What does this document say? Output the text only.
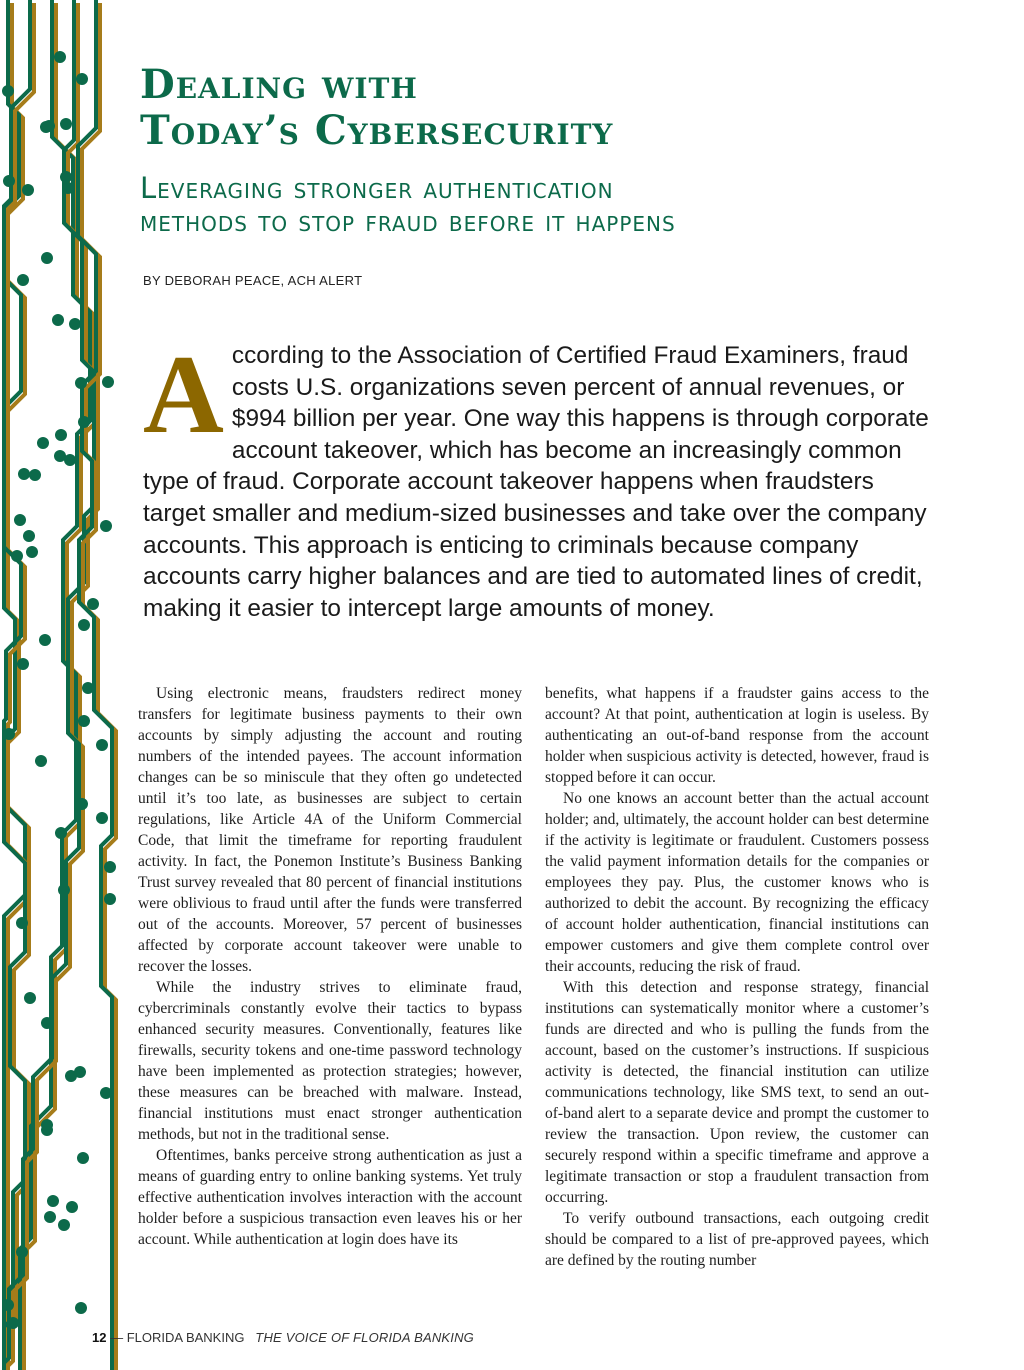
Dealing with
Today’s Cybersecurity
Leveraging stronger authentication
methods to stop fraud before it happens

BY DEBORAH PEACE, ACH ALERT

According to the Association of Certified Fraud Examiners, fraud costs U.S. organizations seven percent of annual revenues, or $994 billion per year. One way this happens is through corporate account takeover, which has become an increasingly common type of fraud. Corporate account takeover happens when fraudsters target smaller and medium-sized businesses and take over the company accounts. This approach is enticing to criminals because company accounts carry higher balances and are tied to automated lines of credit, making it easier to intercept large amounts of money.

Using electronic means, fraudsters redirect money transfers for legitimate business payments to their own accounts by simply adjusting the account and routing numbers of the intended payees. The account information changes can be so miniscule that they often go undetected until it’s too late, as businesses are subject to certain regulations, like Article 4A of the Uniform Commercial Code, that limit the timeframe for reporting fraudulent activity. In fact, the Ponemon Institute’s Business Banking Trust survey revealed that 80 percent of financial institutions were oblivious to fraud until after the funds were transferred out of the accounts. Moreover, 57 percent of businesses affected by corporate account takeover were unable to recover the losses.

While the industry strives to eliminate fraud, cybercriminals constantly evolve their tactics to bypass enhanced security measures. Conventionally, features like firewalls, security tokens and one-time password technology have been implemented as protection strategies; however, these measures can be breached with malware. Instead, financial institutions must enact stronger authentication methods, but not in the traditional sense.

Oftentimes, banks perceive strong authentication as just a means of guarding entry to online banking systems. Yet truly effective authentication involves interaction with the account holder before a suspicious transaction even leaves his or her account. While authentication at login does have its

benefits, what happens if a fraudster gains access to the account? At that point, authentication at login is useless. By authenticating an out-of-band response from the account holder when suspicious activity is detected, however, fraud is stopped before it can occur.

No one knows an account better than the actual account holder; and, ultimately, the account holder can best determine if the activity is legitimate or fraudulent. Customers possess the valid payment information details for the companies or employees they pay. Plus, the customer knows who is authorized to debit the account. By recognizing the efficacy of account holder authentication, financial institutions can empower customers and give them complete control over their accounts, reducing the risk of fraud.

With this detection and response strategy, financial institutions can systematically monitor where a customer’s funds are directed and who is pulling the funds from the account, based on the customer’s instructions. If suspicious activity is detected, the financial institution can utilize communications technology, like SMS text, to send an out-of-band alert to a separate device and prompt the customer to review the transaction. Upon review, the customer can securely respond within a specific timeframe and approve a legitimate transaction or stop a fraudulent transaction from occurring.

To verify outbound transactions, each outgoing credit should be compared to a list of pre-approved payees, which are defined by the routing number

12 — FLORIDA BANKING THE VOICE OF FLORIDA BANKING
